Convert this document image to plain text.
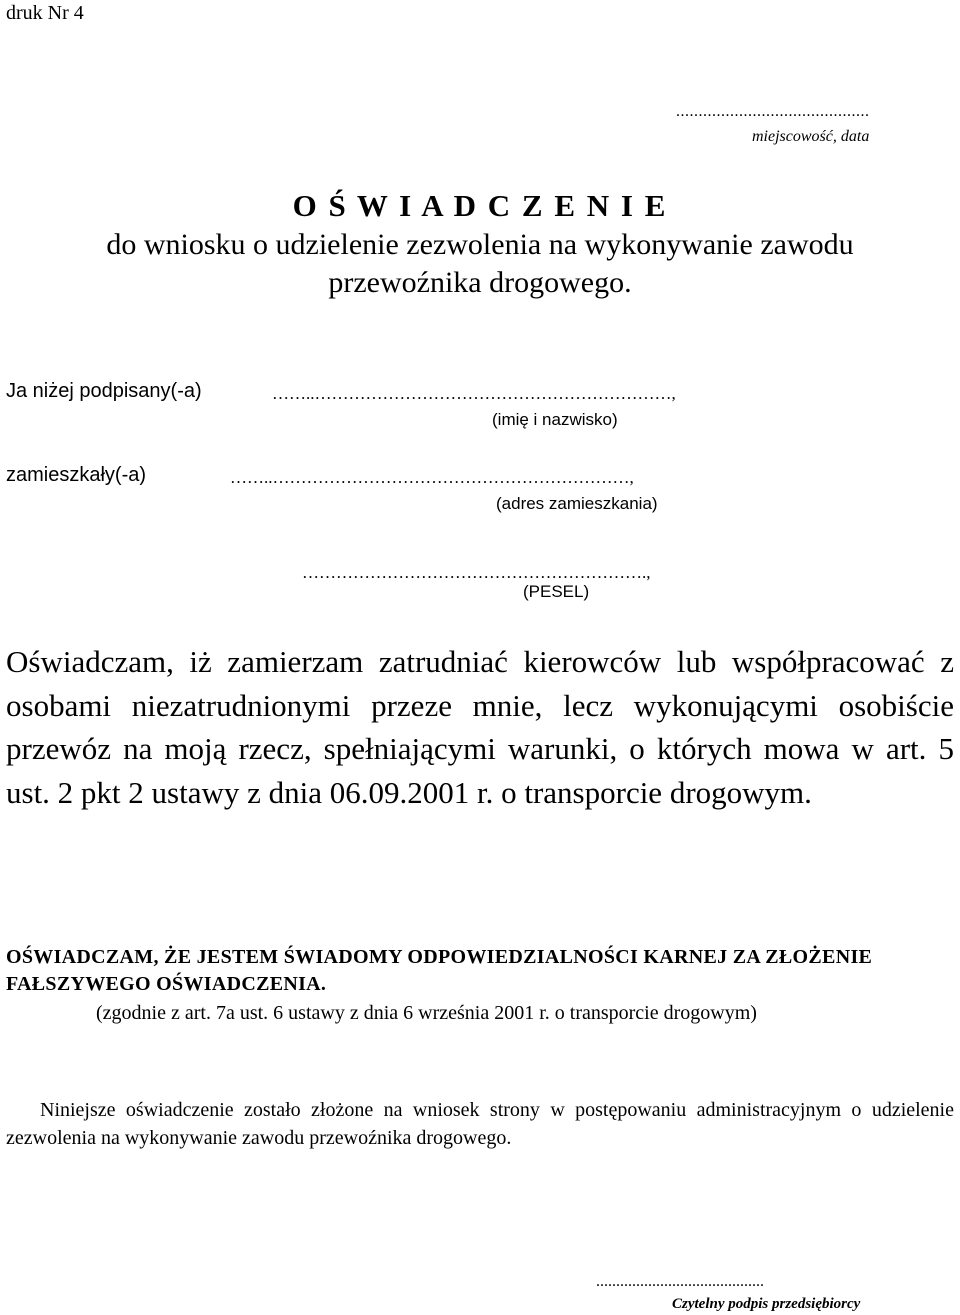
druk Nr 4
...........................................
miejscowość, data
O Ś W I A D C Z E N I E
do wniosku o udzielenie zezwolenia na wykonywanie zawodu
przewoźnika drogowego.
Ja niżej podpisany(-a)	……..………………………………………………………,
(imię i nazwisko)
zamieszkały(-a)	……..………………………………………………………,
(adres zamieszkania)
…………………………………………………….,
(PESEL)
Oświadczam, iż zamierzam zatrudniać kierowców lub współpracować z osobami niezatrudnionymi przeze mnie, lecz wykonującymi osobiście przewóz na moją rzecz, spełniającymi warunki, o których mowa w art. 5 ust. 2 pkt 2 ustawy z dnia 06.09.2001 r. o transporcie drogowym.
OŚWIADCZAM, ŻE JESTEM ŚWIADOMY ODPOWIEDZIALNOŚCI KARNEJ ZA ZŁOŻENIE FAŁSZYWEGO OŚWIADCZENIA.
(zgodnie z art. 7a ust. 6 ustawy z dnia 6 września 2001 r. o transporcie drogowym)
Niniejsze oświadczenie zostało złożone na wniosek strony w postępowaniu administracyjnym o udzielenie zezwolenia na wykonywanie zawodu przewoźnika drogowego.
..........................................
Czytelny podpis przedsiębiorcy
